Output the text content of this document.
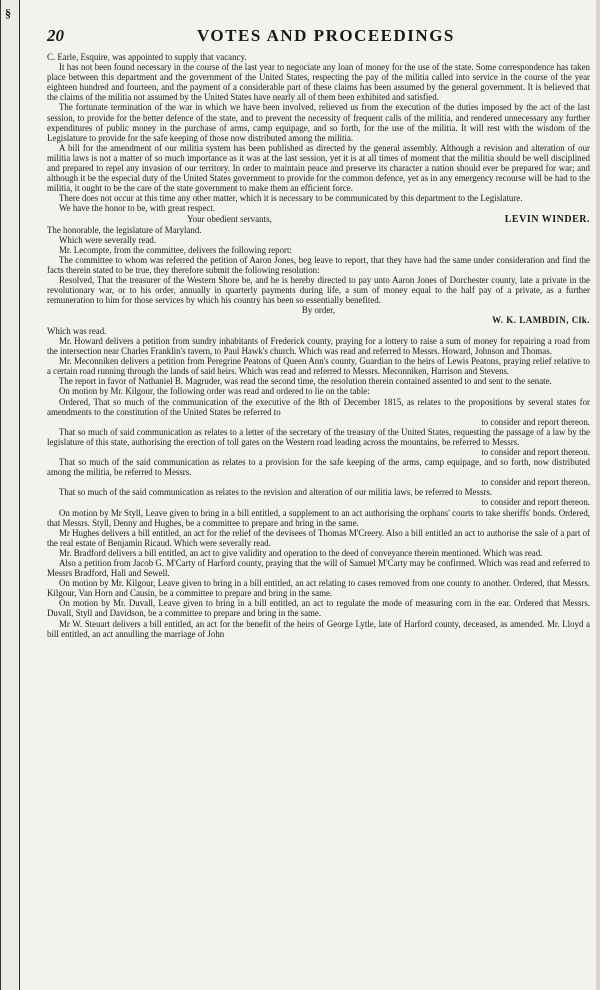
§
20	VOTES AND PROCEEDINGS

C. Earle, Esquire, was appointed to supply that vacancy.

It has not been found necessary in the course of the last year to negociate any loan of money for the use of the state. Some correspondence has taken place between this department and the government of the United States, respecting the pay of the militia called into service in the course of the year eighteen hundred and fourteen, and the payment of a considerable part of these claims has been assumed by the general government. It is believed that the claims of the militia not assumed by the United States have nearly all of them been exhibited and satisfied.

The fortunate termination of the war in which we have been involved, relieved us from the execution of the duties imposed by the act of the last session, to provide for the better defence of the state, and to prevent the necessity of frequent calls of the militia, and rendered unnecessary any further expenditures of public money in the purchase of arms, camp equipage, and so forth, for the use of the militia. It will rest with the wisdom of the Legislature to provide for the safe keeping of those now distributed among the militia.

A bill for the amendment of our militia system has been published as directed by the general assembly. Although a revision and alteration of our militia laws is not a matter of so much importance as it was at the last session, yet it is at all times of moment that the militia should be well disciplined and prepared to repel any invasion of our territory. In order to maintain peace and preserve its character a nation should ever be prepared for war; and although it be the especial duty of the United States government to provide for the common defence, yet as in any emergency recourse will be had to the militia, it ought to be the care of the state government to make them an efficient force.

There does not occur at this time any other matter, which it is necessary to be communicated by this department to the Legislature.

We have the honor to be, with great respect.

Your obedient servants,	LEVIN WINDER.

The honorable, the legislature of Maryland.

Which were severally read.

Mr. Lecompte, from the committee, delivers the following report:

The committee to whom was referred the petition of Aaron Jones, beg leave to report, that they have had the same under consideration and find the facts therein stated to be true, they therefore submit the following resolution:

Resolved, That the treasurer of the Western Shore be, and he is hereby directed to pay unto Aaron Jones of Dorchester county, late a private in the revolutionary war, or to his order, annually in quarterly payments during life, a sum of money equal to the half pay of a private, as a further remuneration to him for those services by which his country has been so essentially benefited.

By order,

W. K. LAMBDIN, Clk.

Which was read.

Mr. Howard delivers a petition from sundry inhabitants of Frederick county, praying for a lottery to raise a sum of money for repairing a road from the intersection near Charles Franklin's tavern, to Paul Hawk's church. Which was read and referred to Messrs. Howard, Johnson and Thomas.

Mr. Meconniken delivers a petition from Peregrine Peatons of Queen Ann's county, Guardian to the heirs of Lewis Peatons, praying relief relative to a certain road running through the lands of said heirs. Which was read and referred to Messrs. Meconniken, Harrison and Stevens.

The report in favor of Nathaniel B. Magruder, was read the second time, the resolution therein contained assented to and sent to the senate.

On motion by Mr. Kilgour, the following order was read and ordered to lie on the table:

Ordered, That so much of the communication of the executive of the 8th of December 1815, as relates to the propositions by several states for amendments to the constitution of the United States be referred to

to consider and report thereon.

That so much of said communication as relates to a letter of the secretary of the treasury of the United States, requesting the passage of a law by the legislature of this state, authorising the erection of toll gates on the Western road leading across the mountains, be referred to Messrs.

to consider and report thereon.

That so much of the said communication as relates to a provision for the safe keeping of the arms, camp equipage, and so forth, now distributed among the militia, be referred to Messrs.

to consider and report thereon.

That so much of the said communication as relates to the revision and alteration of our militia laws, be referred to Messrs.

to consider and report thereon.

On motion by Mr Styll, Leave given to bring in a bill entitled, a supplement to an act authorising the orphans' courts to take sheriffs' bonds. Ordered, that Messrs. Styll, Denny and Hughes, be a committee to prepare and bring in the same.

Mr Hughes delivers a bill entitled, an act for the relief of the devisees of Thomas M'Creery. Also a bill entitled an act to authorise the sale of a part of the real estate of Benjamin Ricaud. Which were severally read.

Mr. Bradford delivers a bill entitled, an act to give validity and operation to the deed of conveyance therein mentioned. Which was read.

Also a petition from Jacob G. M'Carty of Harford county, praying that the will of Samuel M'Carty may be confirmed. Which was read and referred to Messrs Bradford, Hall and Sewell.

On motion by Mr. Kilgour, Leave given to bring in a bill entitled, an act relating to cases removed from one county to another. Ordered, that Messrs. Kilgour, Van Horn and Causin, be a committee to prepare and bring in the same.

On motion by Mr. Duvall, Leave given to bring in a bill entitled, an act to regulate the mode of measuring corn in the ear. Ordered that Messrs. Duvall, Styll and Davidson, be a committee to prepare and bring in the same.

Mr W. Steuart delivers a bill entitled, an act for the benefit of the heirs of George Lytle, late of Harford county, deceased, as amended. Mr. Lloyd a bill entitled, an act annulling the marriage of John
